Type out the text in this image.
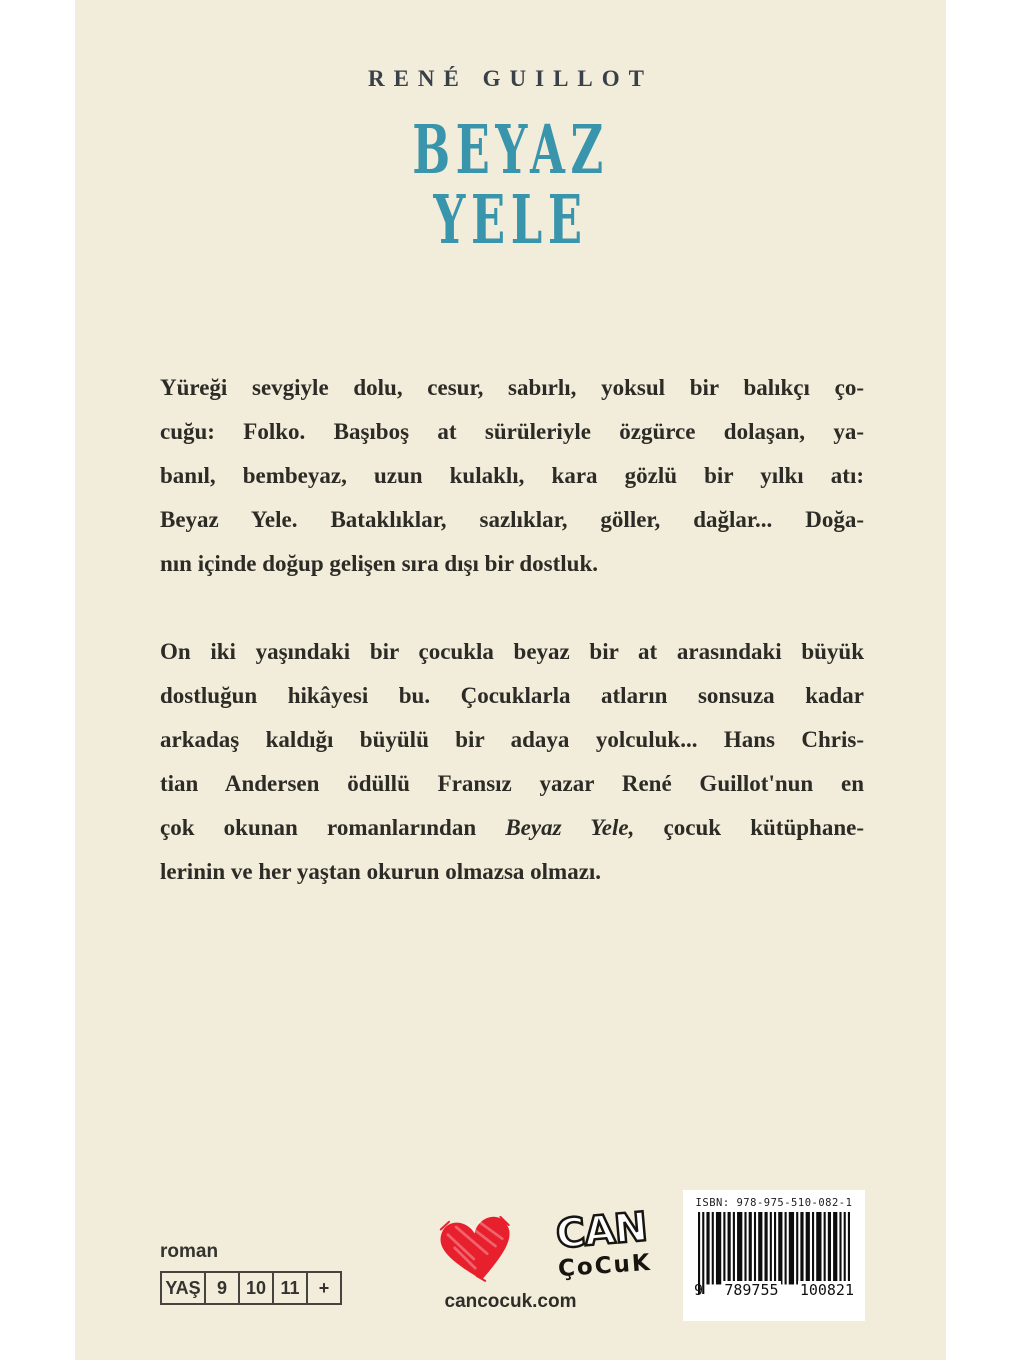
RENÉ GUILLOT
BEYAZ
YELE
Yüreği sevgiyle dolu, cesur, sabırlı, yoksul bir balıkçı ço-
cuğu: Folko. Başıboş at sürüleriyle özgürce dolaşan, ya-
banıl, bembeyaz, uzun kulaklı, kara gözlü bir yılkı atı:
Beyaz Yele. Bataklıklar, sazlıklar, göller, dağlar... Doğa-
nın içinde doğup gelişen sıra dışı bir dostluk.
On iki yaşındaki bir çocukla beyaz bir at arasındaki büyük
dostluğun hikâyesi bu. Çocuklarla atların sonsuza kadar
arkadaş kaldığı büyülü bir adaya yolculuk... Hans Chris-
tian Andersen ödüllü Fransız yazar René Guillot'nun en
çok okunan romanlarından Beyaz Yele, çocuk kütüphane-
lerinin ve her yaştan okurun olmazsa olmazı.
roman
YAŞ 9	10 11	+
CAN
ÇoCuK
cancocuk.com
ISBN: 978-975-510-082-1
9 789755 100821
